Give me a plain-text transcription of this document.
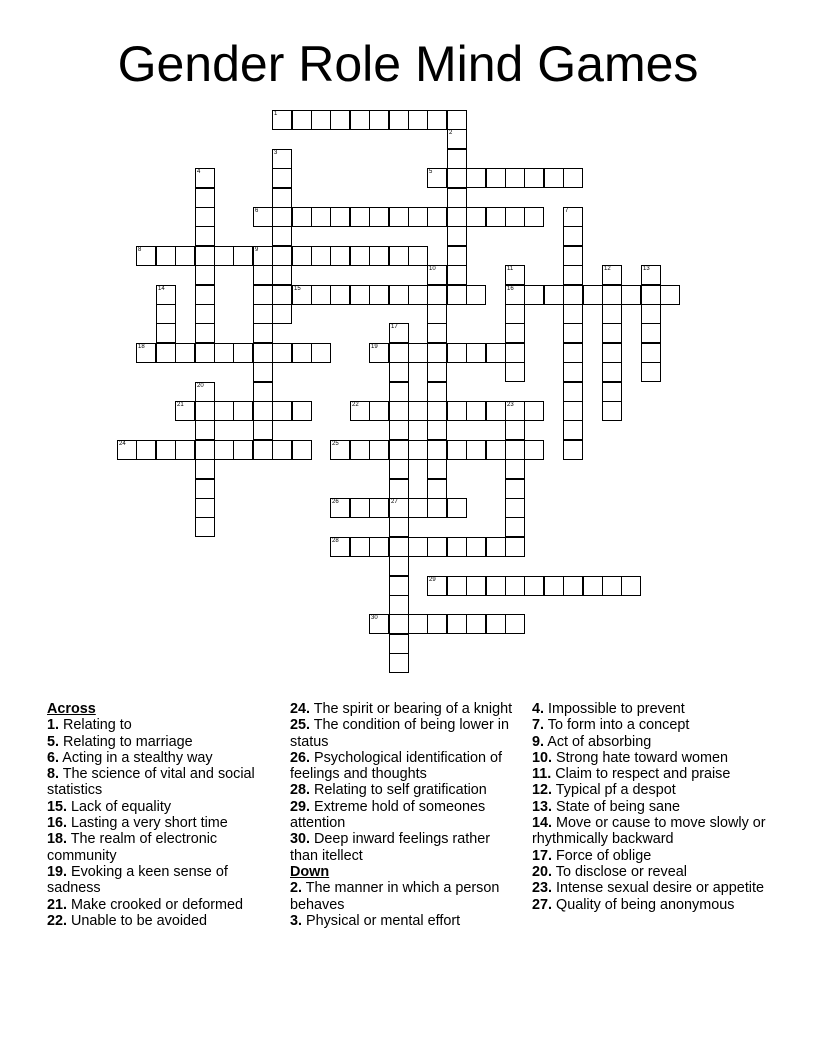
Gender Role Mind Games
1
2
3
4	5
6	7
8	9
10	11
16
12	13
14	15
17
18	19
20
21	22	23
24	25
26	27
28
29
30
Across
1. Relating to
5. Relating to marriage
6. Acting in a stealthy way
8. The science of vital and social statistics
15. Lack of equality
16. Lasting a very short time
18. The realm of electronic community
19. Evoking a keen sense of sadness
21. Make crooked or deformed
22. Unable to be avoided
24. The spirit or bearing of a knight
25. The condition of being lower in status
26. Psychological identification of feelings and thoughts
28. Relating to self gratification
29. Extreme hold of someones attention
30. Deep inward feelings rather than itellect
Down
2. The manner in which a person behaves
3. Physical or mental effort
4. Impossible to prevent
7. To form into a concept
9. Act of absorbing
10. Strong hate toward women
11. Claim to respect and praise
12. Typical pf a despot
13. State of being sane
14. Move or cause to move slowly or rhythmically backward
17. Force of oblige
20. To disclose or reveal
23. Intense sexual desire or appetite
27. Quality of being anonymous
